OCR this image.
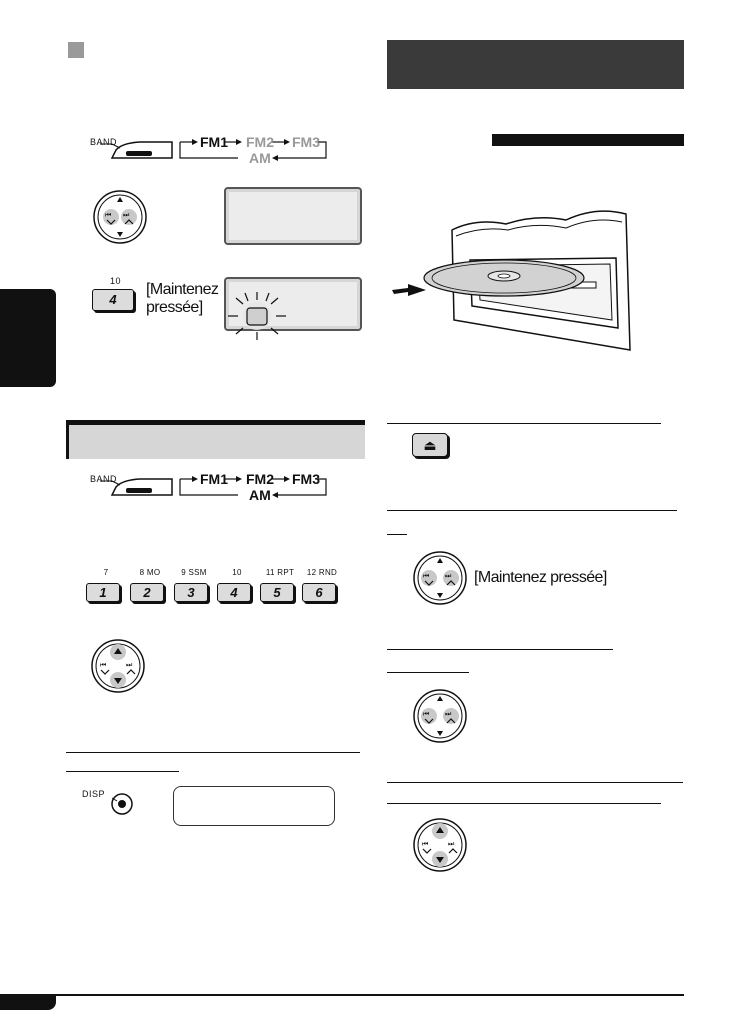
BAND	FM1 FM2 FM3
AM
⏮ ⏭
10
4
[Maintenez
pressée]
BAND	FM1 FM2 FM3
AM
7
1
8 MO
2
9 SSM
3
10
4
11 RPT
5
12 RND
6
⏮	⏭
DISP
⏏
⏮ ⏭ [Maintenez pressée]
⏮ ⏭
⏮	⏭
